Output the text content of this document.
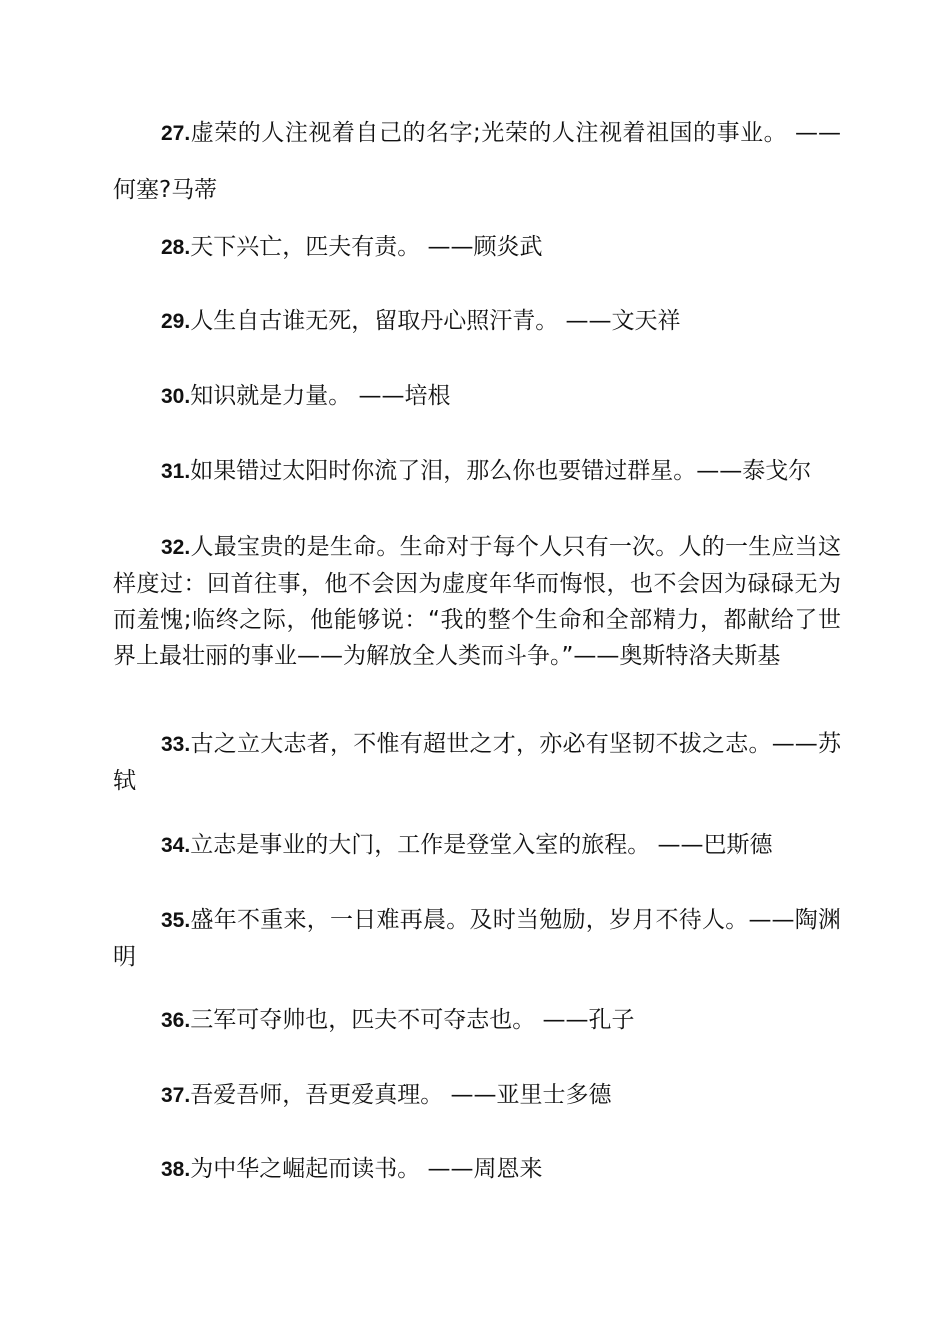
27.虚荣的人注视着自己的名字;光荣的人注视着祖国的事业。 ——何塞?马蒂

28.天下兴亡，匹夫有责。 ——顾炎武

29.人生自古谁无死，留取丹心照汗青。 ——文天祥

30.知识就是力量。 ——培根

31.如果错过太阳时你流了泪，那么你也要错过群星。——泰戈尔

32.人最宝贵的是生命。生命对于每个人只有一次。人的一生应当这样度过：回首往事，他不会因为虚度年华而悔恨，也不会因为碌碌无为而羞愧;临终之际，他能够说：“我的整个生命和全部精力，都献给了世界上最壮丽的事业——为解放全人类而斗争。”——奥斯特洛夫斯基

33.古之立大志者，不惟有超世之才，亦必有坚韧不拔之志。——苏轼

34.立志是事业的大门，工作是登堂入室的旅程。 ——巴斯德

35.盛年不重来，一日难再晨。及时当勉励，岁月不待人。——陶渊明

36.三军可夺帅也，匹夫不可夺志也。 ——孔子

37.吾爱吾师，吾更爱真理。 ——亚里士多德

38.为中华之崛起而读书。 ——周恩来
